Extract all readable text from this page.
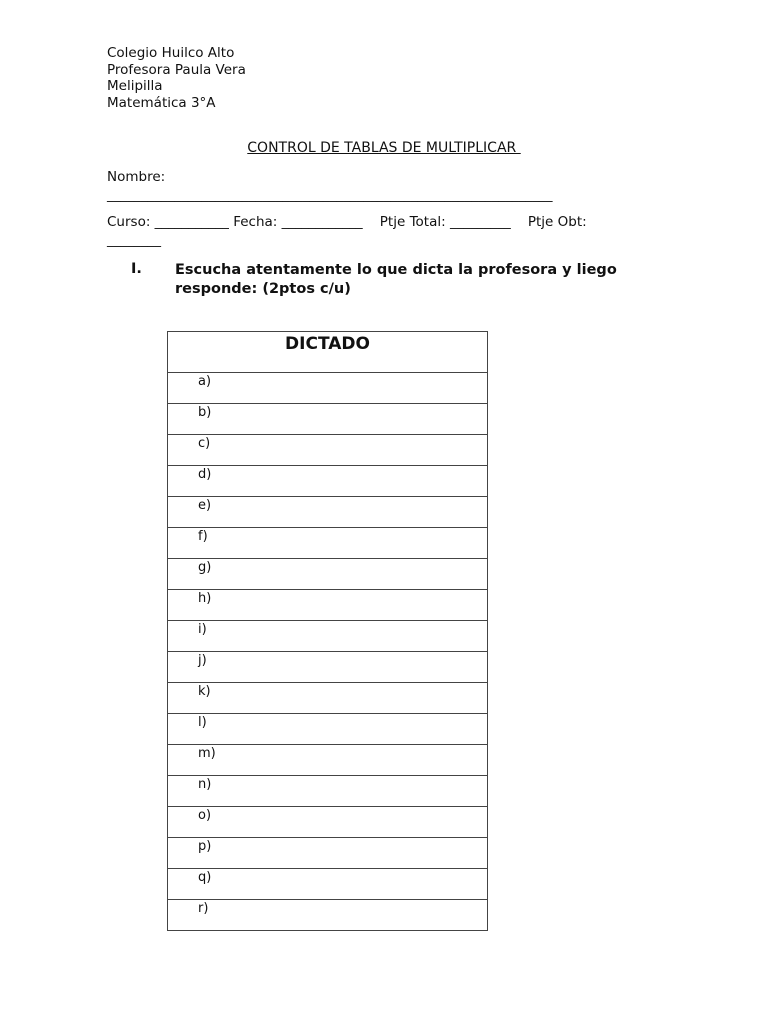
Colegio Huilco Alto
Profesora Paula Vera
Melipilla
Matemática 3°A
CONTROL DE TABLAS DE MULTIPLICAR
Nombre:
__________________________________________________________________
Curso: ___________ Fecha: ____________    Ptje Total: _________    Ptje Obt:
________
I. Escucha atentamente lo que dicta la profesora y liego responde: (2ptos c/u)
DICTADO

a)

b)

c)

d)

e)

f)

g)

h)

i)

j)

k)

l)

m)

n)

o)

p)

q)

r)
